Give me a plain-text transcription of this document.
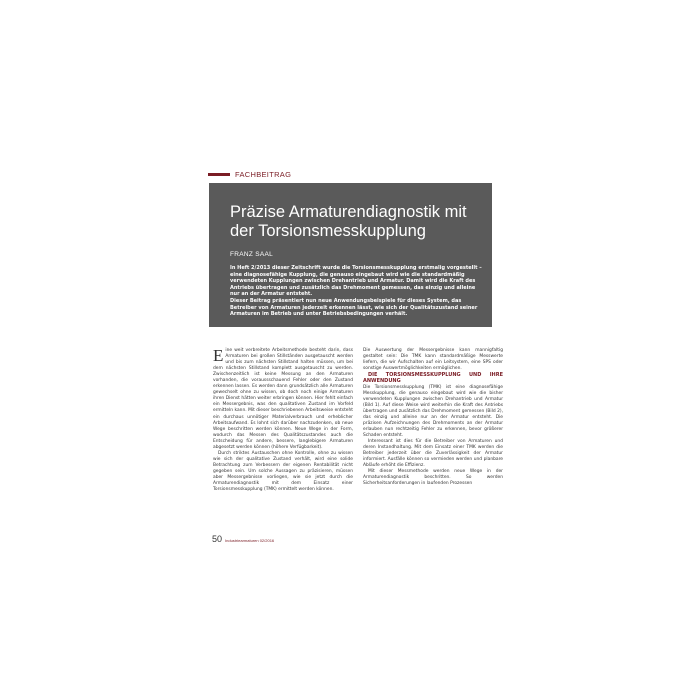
FACHBEITRAG
Präzise Armaturendiagnostik mit
der Torsionsmesskupplung
FRANZ SAAL

In Heft 2/2013 dieser Zeitschrift wurde die Torsionsmesskupplung erstmalig vorgestellt – eine diagnosefähige Kupplung, die genauso eingebaut wird wie die standardmäßig verwendeten Kupplungen zwischen Drehantrieb und Armatur. Damit wird die Kraft des Antriebs übertragen und zusätzlich das Drehmoment gemessen, das einzig und alleine nur an der Armatur entsteht.

Dieser Beitrag präsentiert nun neue Anwendungsbeispiele für dieses System, das Betreiber von Armaturen jederzeit erkennen lässt, wie sich der Qualitätszustand seiner Armaturen im Betrieb und unter Betriebsbedingungen verhält.

Eine weit verbreitete Arbeitsmethode besteht darin, dass Armaturen bei großen Stillständen ausgetauscht werden und bis zum nächsten Stillstand halten müssen, um bei dem nächsten Stillstand komplett ausgetauscht zu werden. Zwischenzeitlich ist keine Messung an den Armaturen vorhanden, die voraussschauend Fehler oder den Zustand erkennen lassen. Es werden dann grundsätzlich alle Armaturen gewechselt ohne zu wissen, ob doch noch einige Armaturen ihren Dienst hätten weiter erbringen können. Hier fehlt einfach ein Messergebnis, was den qualitativen Zustand im Vorfeld ermitteln kann. Mit dieser beschriebenen Arbeitsweise entsteht ein durchaus unnötiger Materialverbrauch und erheblicher Arbeitsaufwand. Es lohnt sich darüber nachzudenken, ob neue Wege beschritten werden können. Neue Wege in der Form, wodurch das Messen des Qualitätszustandes auch die Entscheidung für andere, bessere, langlebigere Armaturen abgesetzt werden können (höhere Verfügbarkeit).

Durch striktes Austauschen ohne Kontrolle, ohne zu wissen wie sich der qualitative Zustand verhält, wird eine solide Betrachtung zum Verbessern der eigenen Rentabilität nicht gegeben sein. Um solche Aussagen zu präzisieren, müssen aber Messergebnisse vorliegen, wie sie jetzt durch die Armaturendiagnostik mit dem Einsatz einer Torsionsmesskupplung (TMK) ermittelt werden können.

Die Auswertung der Messergebnisse kann mannigfaltig gestaltet sein: Die TMK kann standardmäßige Messwerte liefern, die wir Aufschalten auf ein Leitsystem, eine SPS oder sonstige Auswertmöglichkeiten ermöglichen.

DIE TORSIONSMESSKUPPLUNG UND IHRE ANWENDUNG

Die Torsionsmesskupplung (TMK) ist eine diagnosefähige Messkupplung, die genauso eingebaut wird wie die bisher verwendeten Kupplungen zwischen Drehantrieb und Armatur (Bild 1). Auf diese Weise wird weiterhin die Kraft des Antriebs übertragen und zusätzlich das Drehmoment gemessen (Bild 2), das einzig und alleine nur an der Armatur entsteht. Die präzisen Aufzeichnungen des Drehmoments an der Armatur erlauben nun rechtzeitig Fehler zu erkennen, bevor größerer Schaden entsteht.

Interessant ist dies für die Betreiber von Armaturen und deren Instandhaltung. Mit dem Einsatz einer TMK werden die Betreiber jederzeit über die Zuverlässigkeit der Armatur informiert. Ausfälle können so vermieden werden und planbare Abläufe erhöht die Effizienz.

Mit dieser Messmethode werden neue Wege in der Armaturendiagnostik beschritten. So werden Sicherheitsanforderungen in laufenden Prozessen

50 Industriearmaturen 02/2016
